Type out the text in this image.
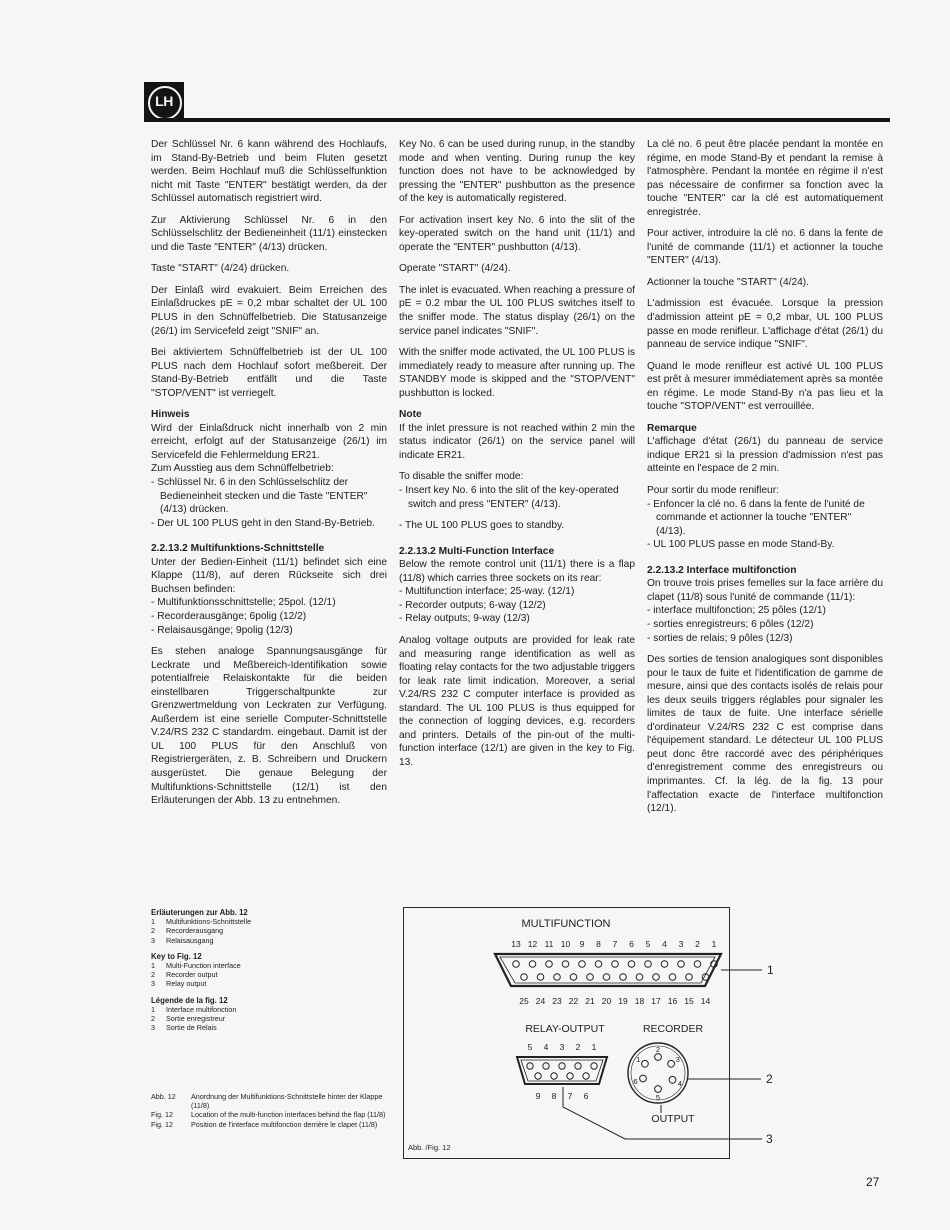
LH

Der Schlüssel Nr. 6 kann während des Hochlaufs, im Stand-By-Betrieb und beim Fluten gesetzt werden. Beim Hochlauf muß die Schlüsselfunktion nicht mit Taste "ENTER" bestätigt werden, da der Schlüssel automatisch registriert wird.

Zur Aktivierung Schlüssel Nr. 6 in den Schlüsselschlitz der Bedieneinheit (11/1) einstecken und die Taste "ENTER" (4/13) drücken.

Taste "START" (4/24) drücken.

Der Einlaß wird evakuiert. Beim Erreichen des Einlaßdruckes pE = 0,2 mbar schaltet der UL 100 PLUS in den Schnüffelbetrieb. Die Statusanzeige (26/1) im Servicefeld zeigt "SNIF" an.

Bei aktiviertem Schnüffelbetrieb ist der UL 100 PLUS nach dem Hochlauf sofort meßbereit. Der Stand-By-Betrieb entfällt und die Taste "STOP/VENT" ist verriegelt.

Hinweis

Wird der Einlaßdruck nicht innerhalb von 2 min erreicht, erfolgt auf der Statusanzeige (26/1) im Servicefeld die Fehlermeldung ER21.

Zum Ausstieg aus dem Schnüffelbetrieb:

- Schlüssel Nr. 6 in den Schlüsselschlitz der Bedieneinheit stecken und die Taste "ENTER" (4/13) drücken.
- Der UL 100 PLUS geht in den Stand-By-Betrieb.
2.2.13.2 Multifunktions-Schnittstelle

Unter der Bedien-Einheit (11/1) befindet sich eine Klappe (11/8), auf deren Rückseite sich drei Buchsen befinden:

- Multifunktionsschnittstelle; 25pol. (12/1)
- Recorderausgänge; 6polig (12/2)
- Relaisausgänge; 9polig (12/3)

Es stehen analoge Spannungsausgänge für Leckrate und Meßbereich-Identifikation sowie potentialfreie Relaiskontakte für die beiden einstellbaren Triggerschaltpunkte zur Grenzwertmeldung von Leckraten zur Verfügung. Außerdem ist eine serielle Computer-Schnittstelle V.24/RS 232 C standardm. eingebaut. Damit ist der UL 100 PLUS für den Anschluß von Registriergeräten, z. B. Schreibern und Druckern ausgerüstet. Die genaue Belegung der Multifunktions-Schnittstelle (12/1) ist den Erläuterungen der Abb. 13 zu entnehmen.

Key No. 6 can be used during runup, in the standby mode and when venting. During runup the key function does not have to be acknowledged by pressing the "ENTER" pushbutton as the presence of the key is automatically registered.

For activation insert key No. 6 into the slit of the key-operated switch on the hand unit (11/1) and operate the "ENTER" pushbutton (4/13).

Operate "START" (4/24).

The inlet is evacuated. When reaching a pressure of pE = 0.2 mbar the UL 100 PLUS switches itself to the sniffer mode. The status display (26/1) on the service panel indicates "SNIF".

With the sniffer mode activated, the UL 100 PLUS is immediately ready to measure after running up. The STANDBY mode is skipped and the "STOP/VENT" pushbutton is locked.

Note

If the inlet pressure is not reached within 2 min the status indicator (26/1) on the service panel will indicate ER21.

To disable the sniffer mode:

- Insert key No. 6 into the slit of the key-operated switch and press "ENTER" (4/13).
- The UL 100 PLUS goes to standby.
2.2.13.2 Multi-Function Interface

Below the remote control unit (11/1) there is a flap (11/8) which carries three sockets on its rear:

- Multifunction interface; 25-way. (12/1)
- Recorder outputs; 6-way (12/2)
- Relay outputs; 9-way (12/3)

Analog voltage outputs are provided for leak rate and measuring range identification as well as floating relay contacts for the two adjustable triggers for leak rate limit indication. Moreover, a serial V.24/RS 232 C computer interface is provided as standard. The UL 100 PLUS is thus equipped for the connection of logging devices, e.g. recorders and printers. Details of the pin-out of the multi-function interface (12/1) are given in the key to Fig. 13.

La clé no. 6 peut être placée pendant la montée en régime, en mode Stand-By et pendant la remise à l'atmosphère. Pendant la montée en régime il n'est pas nécessaire de confirmer sa fonction avec la touche "ENTER" car la clé est automatiquement enregistrée.

Pour activer, introduire la clé no. 6 dans la fente de l'unité de commande (11/1) et actionner la touche "ENTER" (4/13).

Actionner la touche "START" (4/24).

L'admission est évacuée. Lorsque la pression d'admission atteint pE = 0,2 mbar, UL 100 PLUS passe en mode renifleur. L'affichage d'état (26/1) du panneau de service indique "SNIF".

Quand le mode renifleur est activé UL 100 PLUS est prêt à mesurer immédiatement après sa montée en régime. Le mode Stand-By n'a pas lieu et la touche "STOP/VENT" est verrouillée.

Remarque

L'affichage d'état (26/1) du panneau de service indique ER21 si la pression d'admission n'est pas atteinte en l'espace de 2 min.

Pour sortir du mode renifleur:

- Enfoncer la clé no. 6 dans la fente de l'unité de commande et actionner la touche "ENTER" (4/13).
- UL 100 PLUS passe en mode Stand-By.
2.2.13.2 Interface multifonction

On trouve trois prises femelles sur la face arrière du clapet (11/8) sous l'unité de commande (11/1):

- interface multifonction; 25 pôles (12/1)
- sorties enregistreurs; 6 pôles (12/2)
- sorties de relais; 9 pôles (12/3)

Des sorties de tension analogiques sont disponibles pour le taux de fuite et l'identification de gamme de mesure, ainsi que des contacts isolés de relais pour les deux seuils triggers réglables pour signaler les limites de taux de fuite. Une interface sérielle d'ordinateur V.24/RS 232 C est comprise dans l'équipement standard. Le détecteur UL 100 PLUS peut donc être raccordé avec des périphériques d'enregistrement comme des enregistreurs ou imprimantes. Cf. la lég. de la fig. 13 pour l'affectation exacte de l'interface multifonction (12/1).

Erläuterungen zur Abb. 12
1	Multifunktions-Schnittstelle
2	Recorderausgang
3	Relaisausgang
Key to Fig. 12
1	Multi-Function interface
2	Recorder output
3	Relay output
Légende de la fig. 12
1	Interface multifonction
2	Sortie enregistreur
3	Sortie de Relais
Abb. 12	Anordnung der Multifunktions-Schnittstelle hinter der Klappe (11/8)
Fig. 12	Location of the multi-function interfaces behind the flap (11/8)
Fig. 12	Position de l'interface multifonction derrière le clapet (11/8)
MULTIFUNCTION
13 12 11 10 9 8 7 6 5 4 3 2 1
25 24 23 22 21 20 19 18 17 16 15 14
1
RELAY-OUTPUT	RECORDER
5 4 3 2 1
9 8 7 6
1
2
3
4
5
6	2
OUTPUT
3
Abb. /Fig. 12
27
